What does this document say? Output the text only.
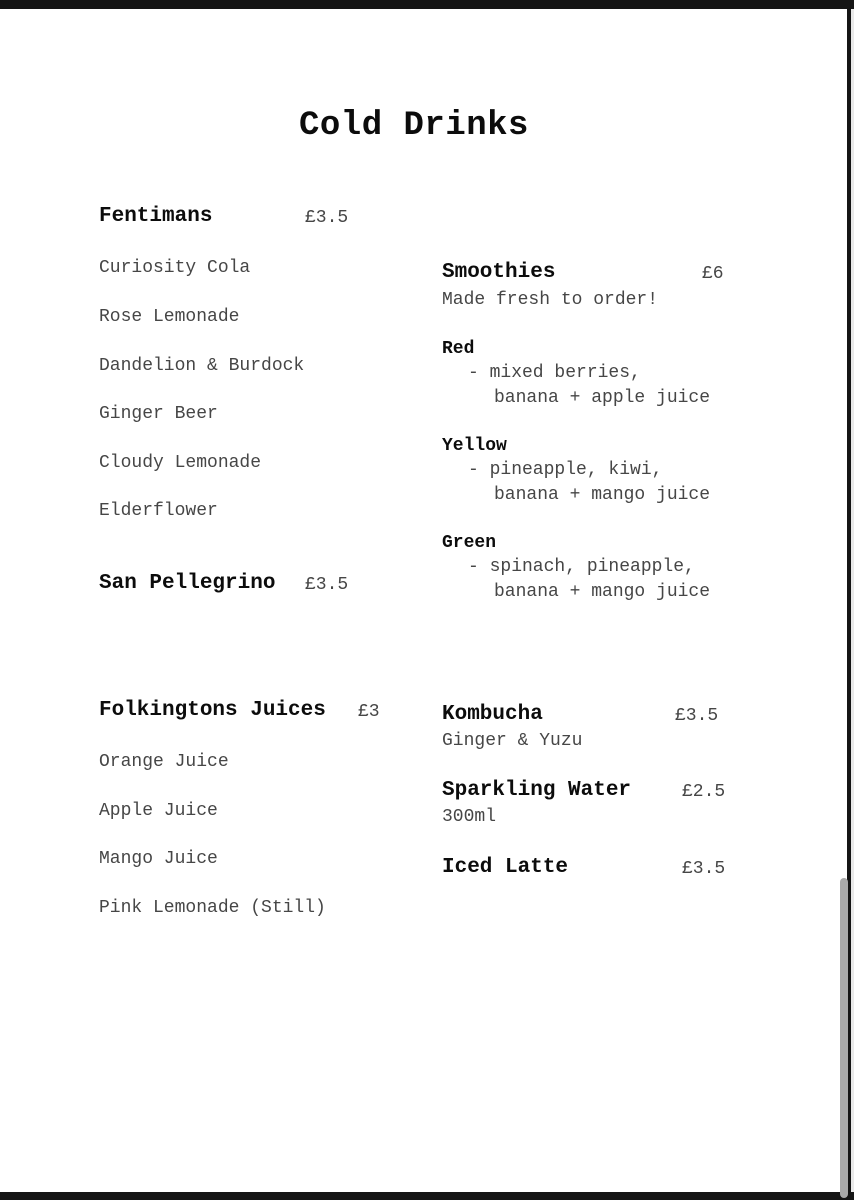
Cold Drinks
Fentimans	£3.5
Curiosity Cola
Rose Lemonade
Dandelion & Burdock
Ginger Beer
Cloudy Lemonade
Elderflower
San Pellegrino £3.5
Folkingtons Juices £3
Orange Juice
Apple Juice
Mango Juice
Pink Lemonade (Still)
Smoothies	£6
Made fresh to order!
Red
- mixed berries,
banana + apple juice
Yellow
- pineapple, kiwi,
banana + mango juice
Green
- spinach, pineapple,
banana + mango juice
Kombucha	£3.5
Ginger & Yuzu
Sparkling Water	£2.5
300ml
Iced Latte	£3.5
